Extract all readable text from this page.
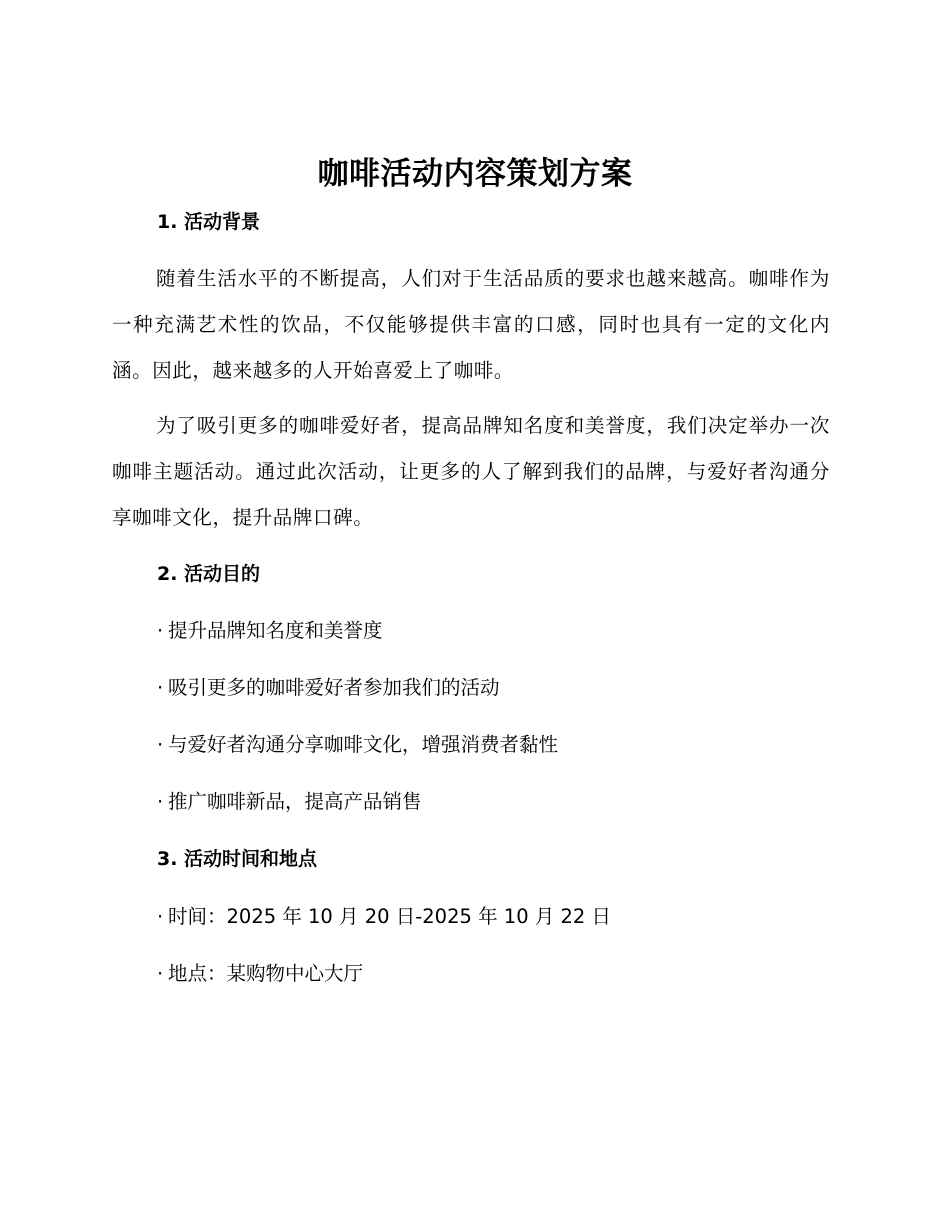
咖啡活动内容策划方案
1. 活动背景
随着生活水平的不断提高，人们对于生活品质的要求也越来越高。咖啡作为一种充满艺术性的饮品，不仅能够提供丰富的口感，同时也具有一定的文化内涵。因此，越来越多的人开始喜爱上了咖啡。
为了吸引更多的咖啡爱好者，提高品牌知名度和美誉度，我们决定举办一次咖啡主题活动。通过此次活动，让更多的人了解到我们的品牌，与爱好者沟通分享咖啡文化，提升品牌口碑。
2. 活动目的
· 提升品牌知名度和美誉度
· 吸引更多的咖啡爱好者参加我们的活动
· 与爱好者沟通分享咖啡文化，增强消费者黏性
· 推广咖啡新品，提高产品销售
3. 活动时间和地点
· 时间：2025 年 10 月 20 日-2025 年 10 月 22 日
· 地点：某购物中心大厅
